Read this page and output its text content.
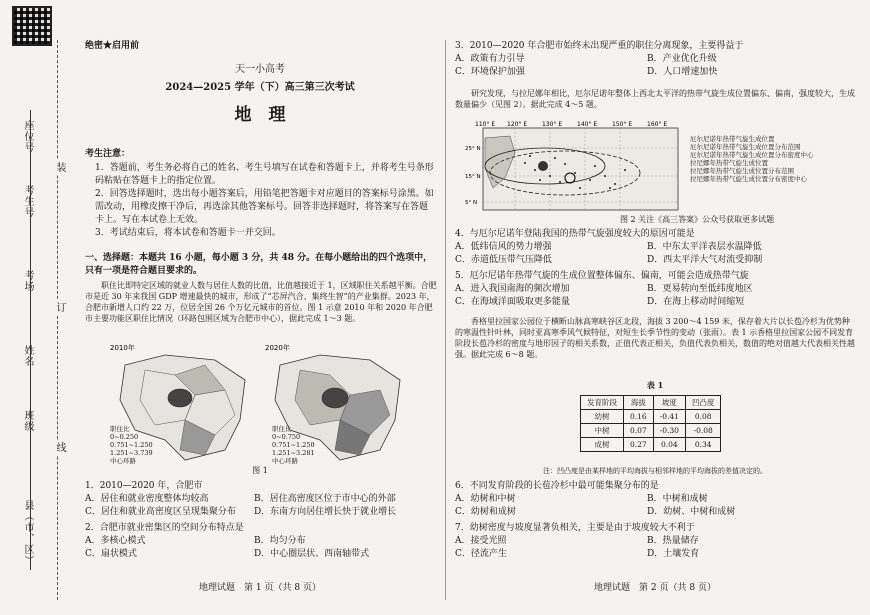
座位号
考生号
考场
姓名
班级
县（市、区）
装
订
线
绝密★启用前
天一小高考
2024—2025 学年（下）高三第三次考试
地　理
考生注意：
1．答题前，考生务必将自己的姓名、考生号填写在试卷和答题卡上，并将考生号条形码粘贴在答题卡上的指定位置。
2．回答选择题时，选出每小题答案后，用铅笔把答题卡对应题目的答案标号涂黑。如需改动，用橡皮擦干净后，再选涂其他答案标号。回答非选择题时，将答案写在答题卡上。写在本试卷上无效。
3．考试结束后，将本试卷和答题卡一并交回。
一、选择题：本题共 16 小题，每小题 3 分，共 48 分。在每小题给出的四个选项中，只有一项是符合题目要求的。
职住比即特定区域的就业人数与居住人数的比值，比值越接近于 1，区域职住关系越平衡。合肥市是近 30 年来我国 GDP 增速最快的城市，形成了“芯屏汽合、集终生智”的产业集群。2023 年，合肥市新增人口约 22 万，位居全国 26 个万亿元城市的首位。图 1 示意 2010 年和 2020 年合肥市主要功能区职住比情况（环路包围区域为合肥市中心），据此完成 1～3 题。
2010年	2020年
职住比
0~0.250
0.751~1.250
1.251~3.739
中心环路
职住比
0~0.750
0.751~1.250
1.251~3.281
中心环路
图 1
1．2010—2020 年，合肥市
A．居住和就业密度整体均较高	B．居住高密度区位于市中心的外部
C．居住和就业高密度区呈现集聚分布 D．东南方向居住增长快于就业增长
2．合肥市就业密集区的空间分布特点是
A．多核心模式	B．均匀分布
C．扇状模式	D．中心圈层状、西南轴带式
地理试题　第 1 页（共 8 页）
3．2010—2020 年合肥市始终未出现严重的职住分离现象，主要得益于
A．政策有力引导	B．产业优化升级
C．环境保护加强	D．人口增速加快
研究发现，与拉尼娜年相比，厄尔尼诺年整体上西北太平洋的热带气旋生成位置偏东、偏南，强度较大，生成数量偏少（见图 2）。据此完成 4～5 题。
110° E 120° E 130° E 140° E 150° E 160° E
25° N
15° N
5° N
厄尔尼诺年热带气旋生成位置
厄尔尼诺年热带气旋生成位置分布范围
厄尔尼诺年热带气旋生成位置分布密度中心
拉尼娜年热带气旋生成位置
拉尼娜年热带气旋生成位置分布范围
拉尼娜年热带气旋生成位置分布密度中心
图 2 关注《高三答案》公众号获取更多试题
4．与厄尔尼诺年登陆我国的热带气旋强度较大的原因可能是
A．低纬信风的势力增强	B．中东太平洋表层水温降低
C．赤道低压带气压降低	D．西太平洋大气对流受抑制
5．厄尔尼诺年热带气旋的生成位置整体偏东、偏南，可能会造成热带气旋
A．进入我国南海的频次增加	B．更易转向至低纬度地区
C．在海域洋面吸取更多能量	D．在海上移动时间缩短
香格里拉国家公园位于横断山脉高寒峡谷区北段，海拔 3 200～4 159 米，保存着大片以长苞冷杉为优势种的寒温性针叶林，同时亚高寒季风气候特征，对短生长季节性的变动（张雨）。表 1 示香格里拉国家公园不同发育阶段长苞冷杉的密度与地形因子的相关系数，正值代表正相关，负值代表负相关，数值的绝对值越大代表相关性越强。据此完成 6～8 题。
表 1
发育阶段	海拔	坡度	凹凸度
幼树	0.16	-0.41	0.08
中树	0.07	-0.30	-0.08
成树	0.27	0.04	0.34
注：凹凸度是由某样地的平均海拔与相邻样地的平均海拔的差值决定的。
6．不同发育阶段的长苞冷杉中最可能集聚分布的是
A．幼树和中树	B．中树和成树
C．幼树和成树	D．幼树、中树和成树
7．幼树密度与坡度显著负相关，主要是由于坡度较大不利于
A．接受光照	B．热量储存
C．径流产生	D．土壤发育
地理试题　第 2 页（共 8 页）
